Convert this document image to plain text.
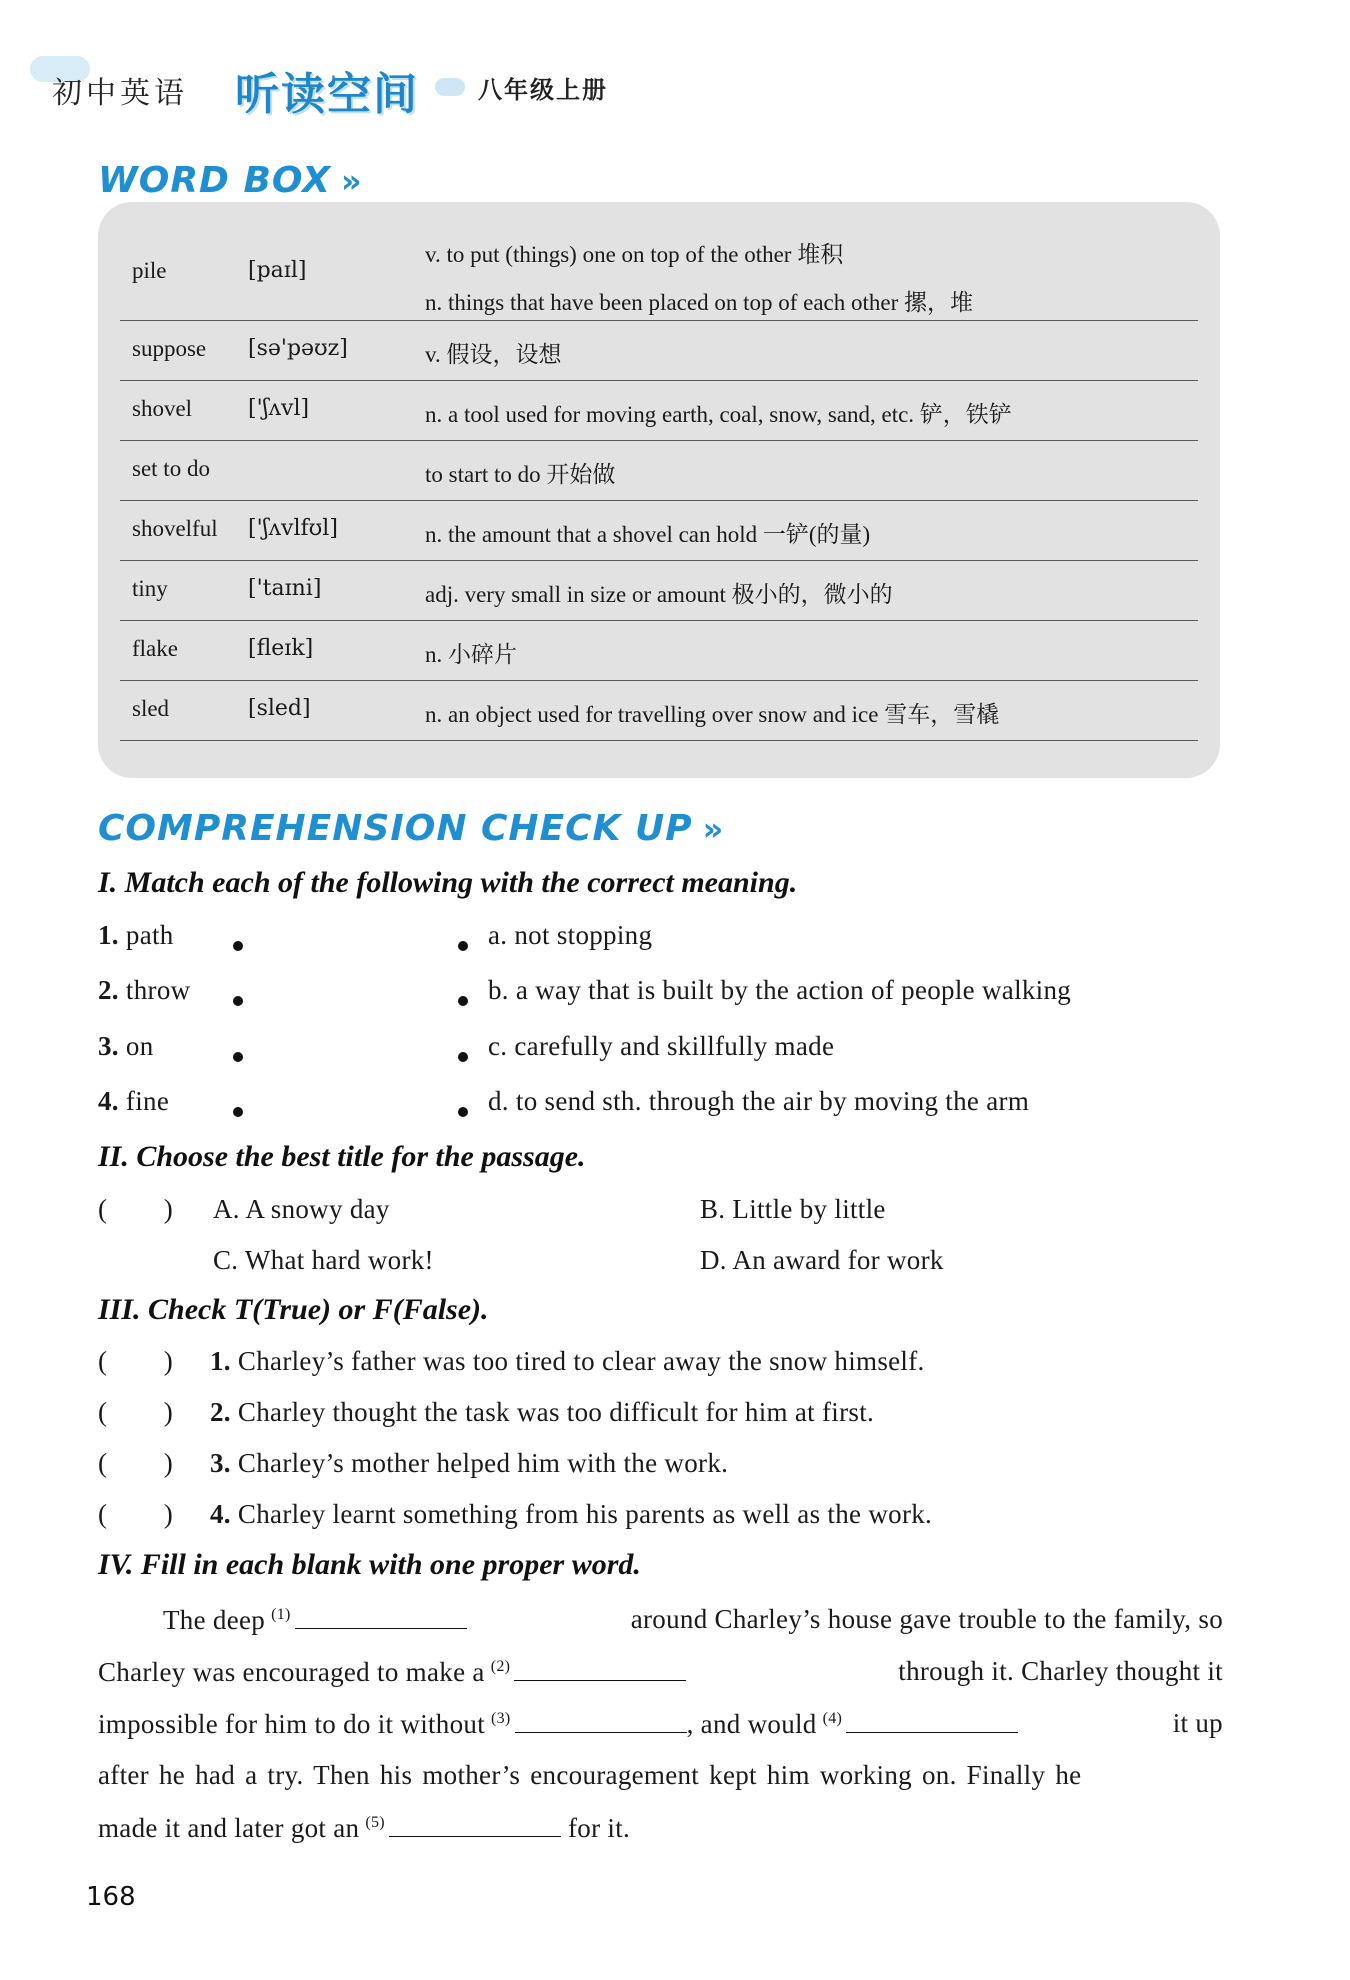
初中英语 听读空间 八年级上册
WORD BOX »
pile	[paɪl]
v. to put (things) one on top of the other 堆积
n. things that have been placed on top of each other 摞，堆
suppose [sə'pəʊz]	v. 假设，设想
shovel	['ʃʌvl]	n. a tool used for moving earth, coal, snow, sand, etc. 铲，铁铲
set to do	to start to do 开始做
shovelful ['ʃʌvlfʊl]	n. the amount that a shovel can hold 一铲(的量)
tiny	['taɪni]	adj. very small in size or amount 极小的，微小的
flake	[fleɪk]	n. 小碎片
sled	[sled]	n. an object used for travelling over snow and ice 雪车，雪橇
COMPREHENSION CHECK UP »
I. Match each of the following with the correct meaning.
1. path
2. throw
3. on
4. fine
a. not stopping
b. a way that is built by the action of people walking
c. carefully and skillfully made
d. to send sth. through the air by moving the arm
II. Choose the best title for the passage.
(        ) A. A snowy day	B. Little by little
C. What hard work!	D. An award for work
III. Check T(True) or F(False).
(        ) 1. Charley’s father was too tired to clear away the snow himself.
(        ) 2. Charley thought the task was too difficult for him at first.
(        ) 3. Charley’s mother helped him with the work.
(        ) 4. Charley learnt something from his parents as well as the work.
IV. Fill in each blank with one proper word.
The deep $^{(1)}$	around Charley’s house gave trouble to the family, so
Charley was encouraged to make a $^{(2)}$	through it. Charley thought it
impossible for him to do it without $^{(3)}$	, and would $^{(4)}$	it up
after he had a try. Then his mother’s encouragement kept him working on. Finally he
made it and later got an $^{(5)}$	for it.
168
